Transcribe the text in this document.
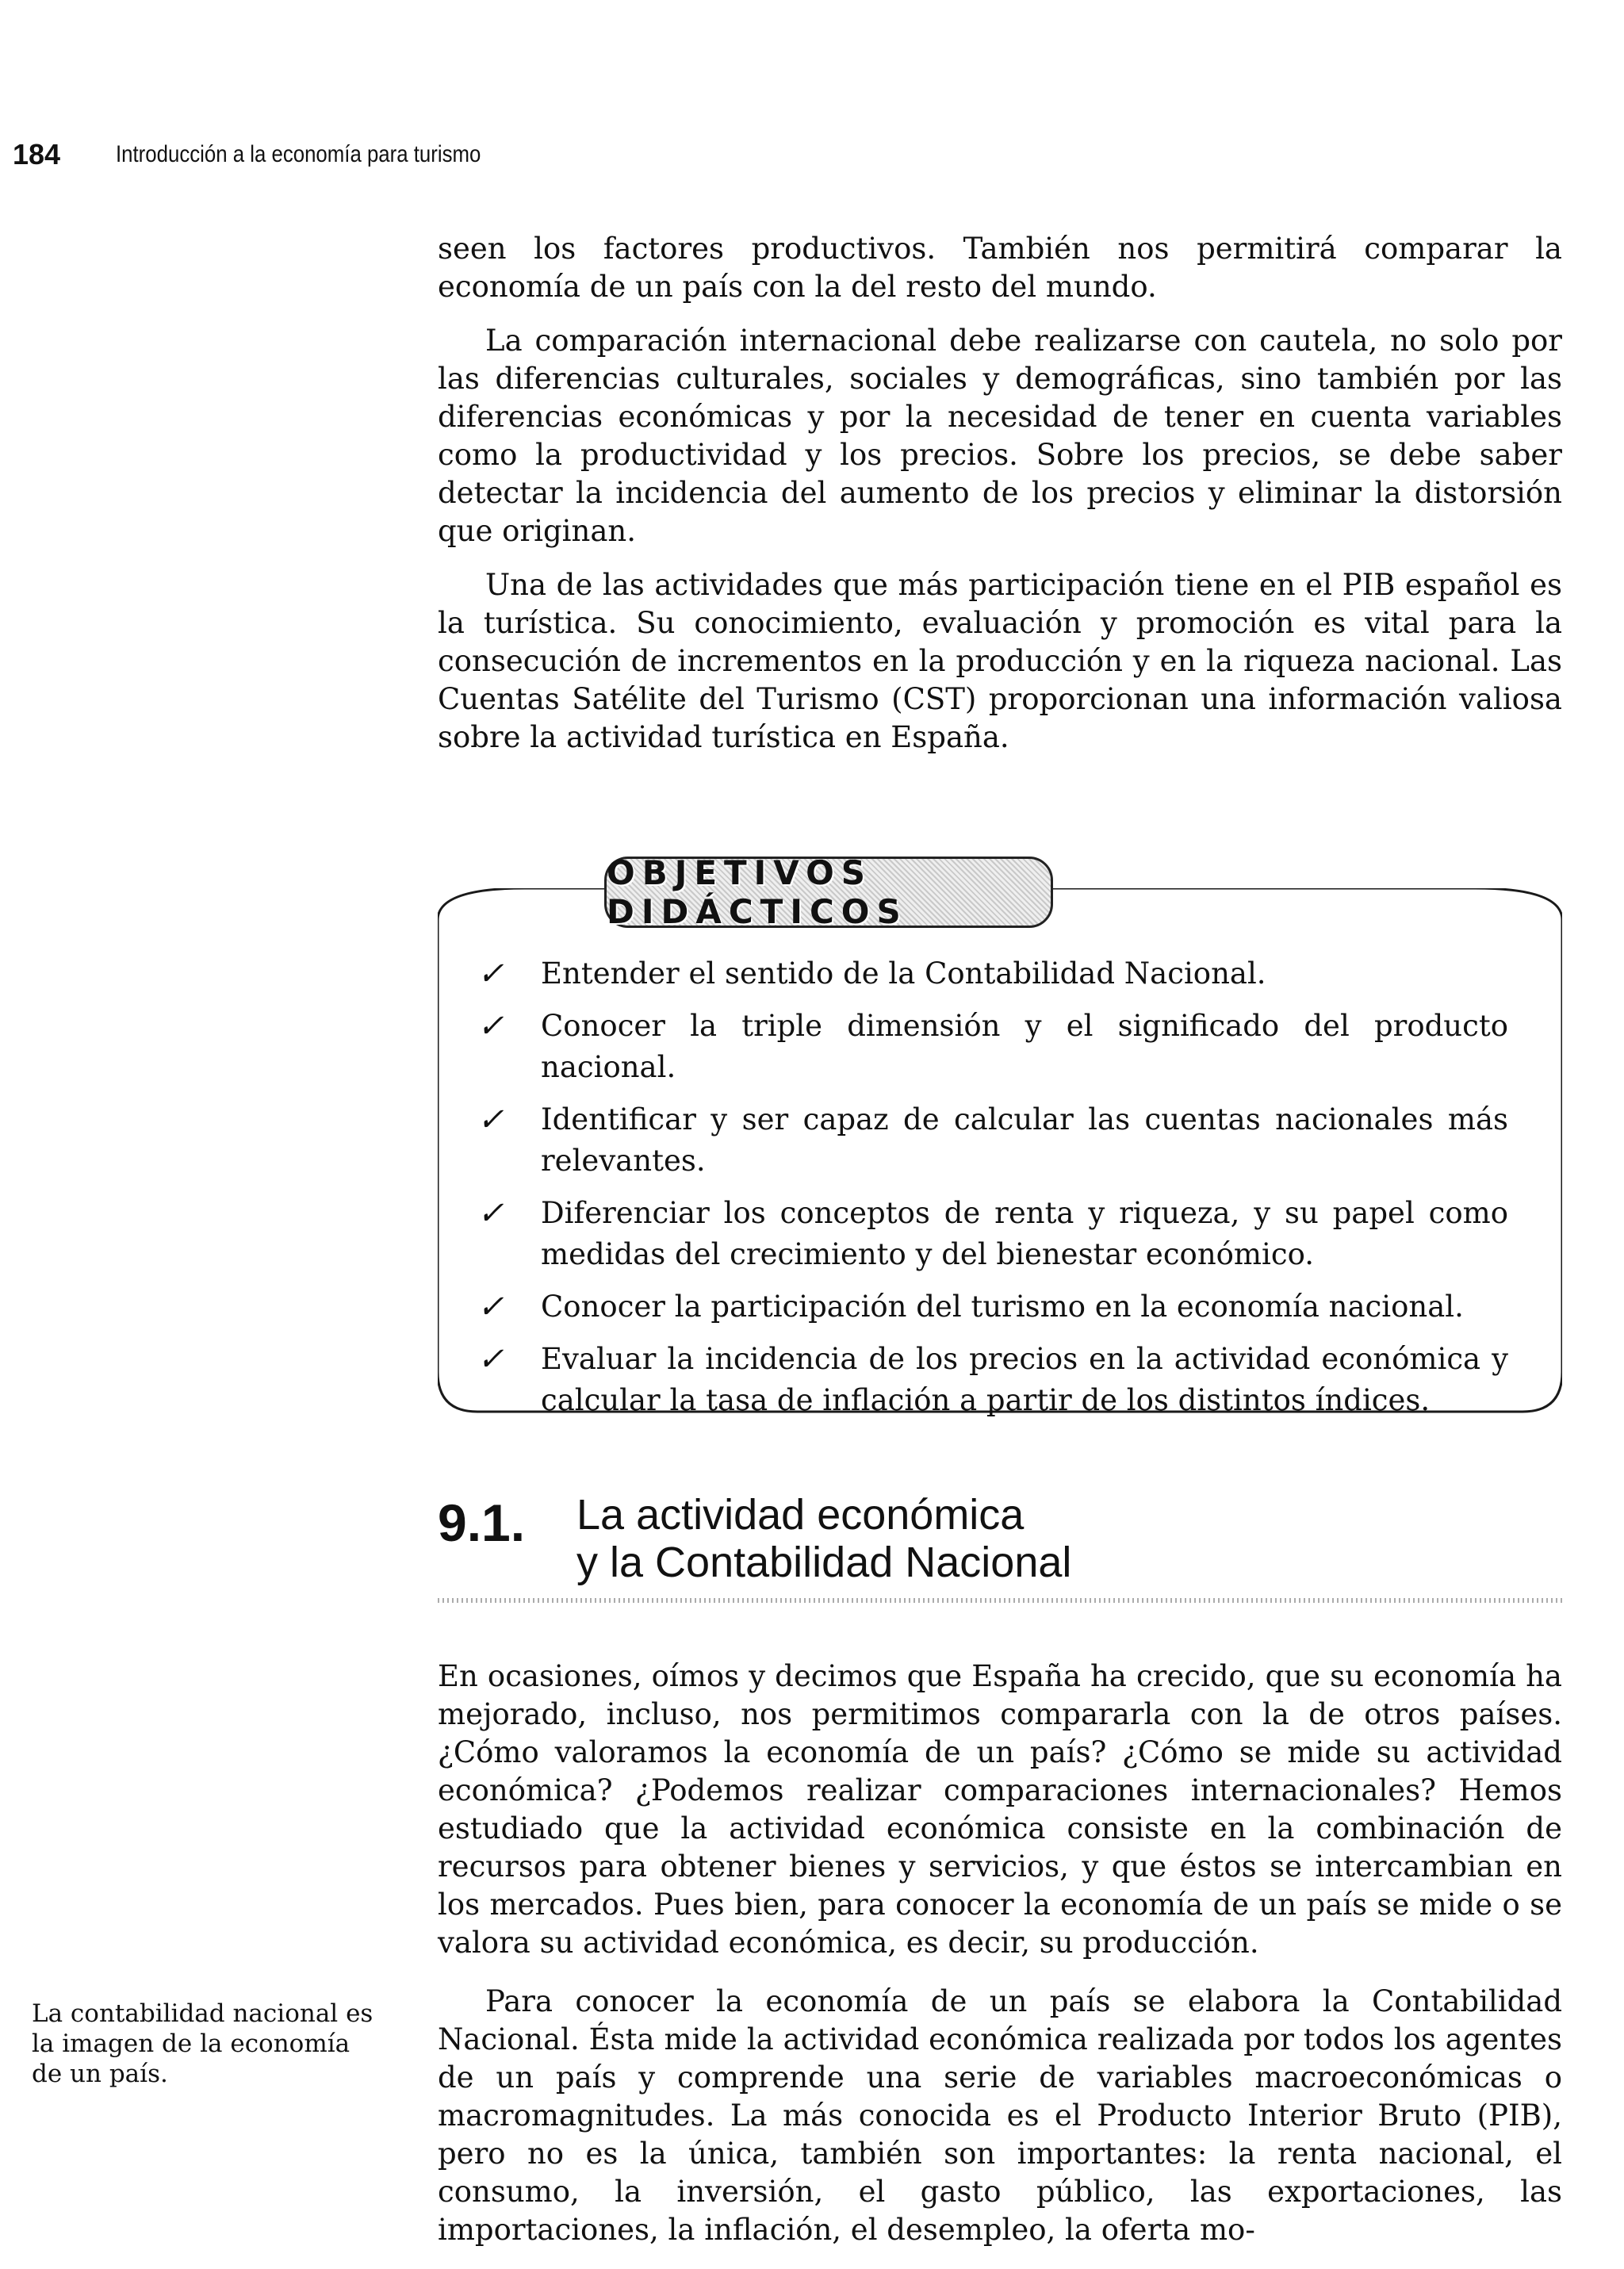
184 Introducción a la economía para turismo

seen los factores productivos. También nos permitirá comparar la economía de un país con la del resto del mundo.

La comparación internacional debe realizarse con cautela, no solo por las diferencias culturales, sociales y demográficas, sino también por las diferencias económicas y por la necesidad de tener en cuenta variables como la productividad y los precios. Sobre los precios, se debe saber detectar la incidencia del aumento de los precios y eliminar la distorsión que originan.

Una de las actividades que más participación tiene en el PIB español es la turística. Su conocimiento, evaluación y promoción es vital para la consecución de incrementos en la producción y en la riqueza nacional. Las Cuentas Satélite del Turismo (CST) proporcionan una información valiosa sobre la actividad turística en España.

OBJETIVOS DIDÁCTICOS
✓	Entender el sentido de la Contabilidad Nacional.
✓	Conocer la triple dimensión y el significado del producto nacional.
✓	Identificar y ser capaz de calcular las cuentas nacionales más relevantes.
✓	Diferenciar los conceptos de renta y riqueza, y su papel como medidas del crecimiento y del bienestar económico.
✓	Conocer la participación del turismo en la economía nacional.
✓	Evaluar la incidencia de los precios en la actividad económica y calcular la tasa de inflación a partir de los distintos índices.
9.1. La actividad económica
y la Contabilidad Nacional

En ocasiones, oímos y decimos que España ha crecido, que su economía ha mejorado, incluso, nos permitimos compararla con la de otros países. ¿Cómo valoramos la economía de un país? ¿Cómo se mide su actividad económica? ¿Podemos realizar comparaciones internacionales? Hemos estudiado que la actividad económica consiste en la combinación de recursos para obtener bienes y servicios, y que éstos se intercambian en los mercados. Pues bien, para conocer la economía de un país se mide o se valora su actividad económica, es decir, su producción.

Para conocer la economía de un país se elabora la Contabilidad Nacional. Ésta mide la actividad económica realizada por todos los agentes de un país y comprende una serie de variables macroeconómicas o macromagnitudes. La más conocida es el Producto Interior Bruto (PIB), pero no es la única, también son importantes: la renta nacional, el consumo, la inversión, el gasto público, las exportaciones, las importaciones, la inflación, el desempleo, la oferta mo-

La contabilidad nacional es la imagen de la economía de un país.
